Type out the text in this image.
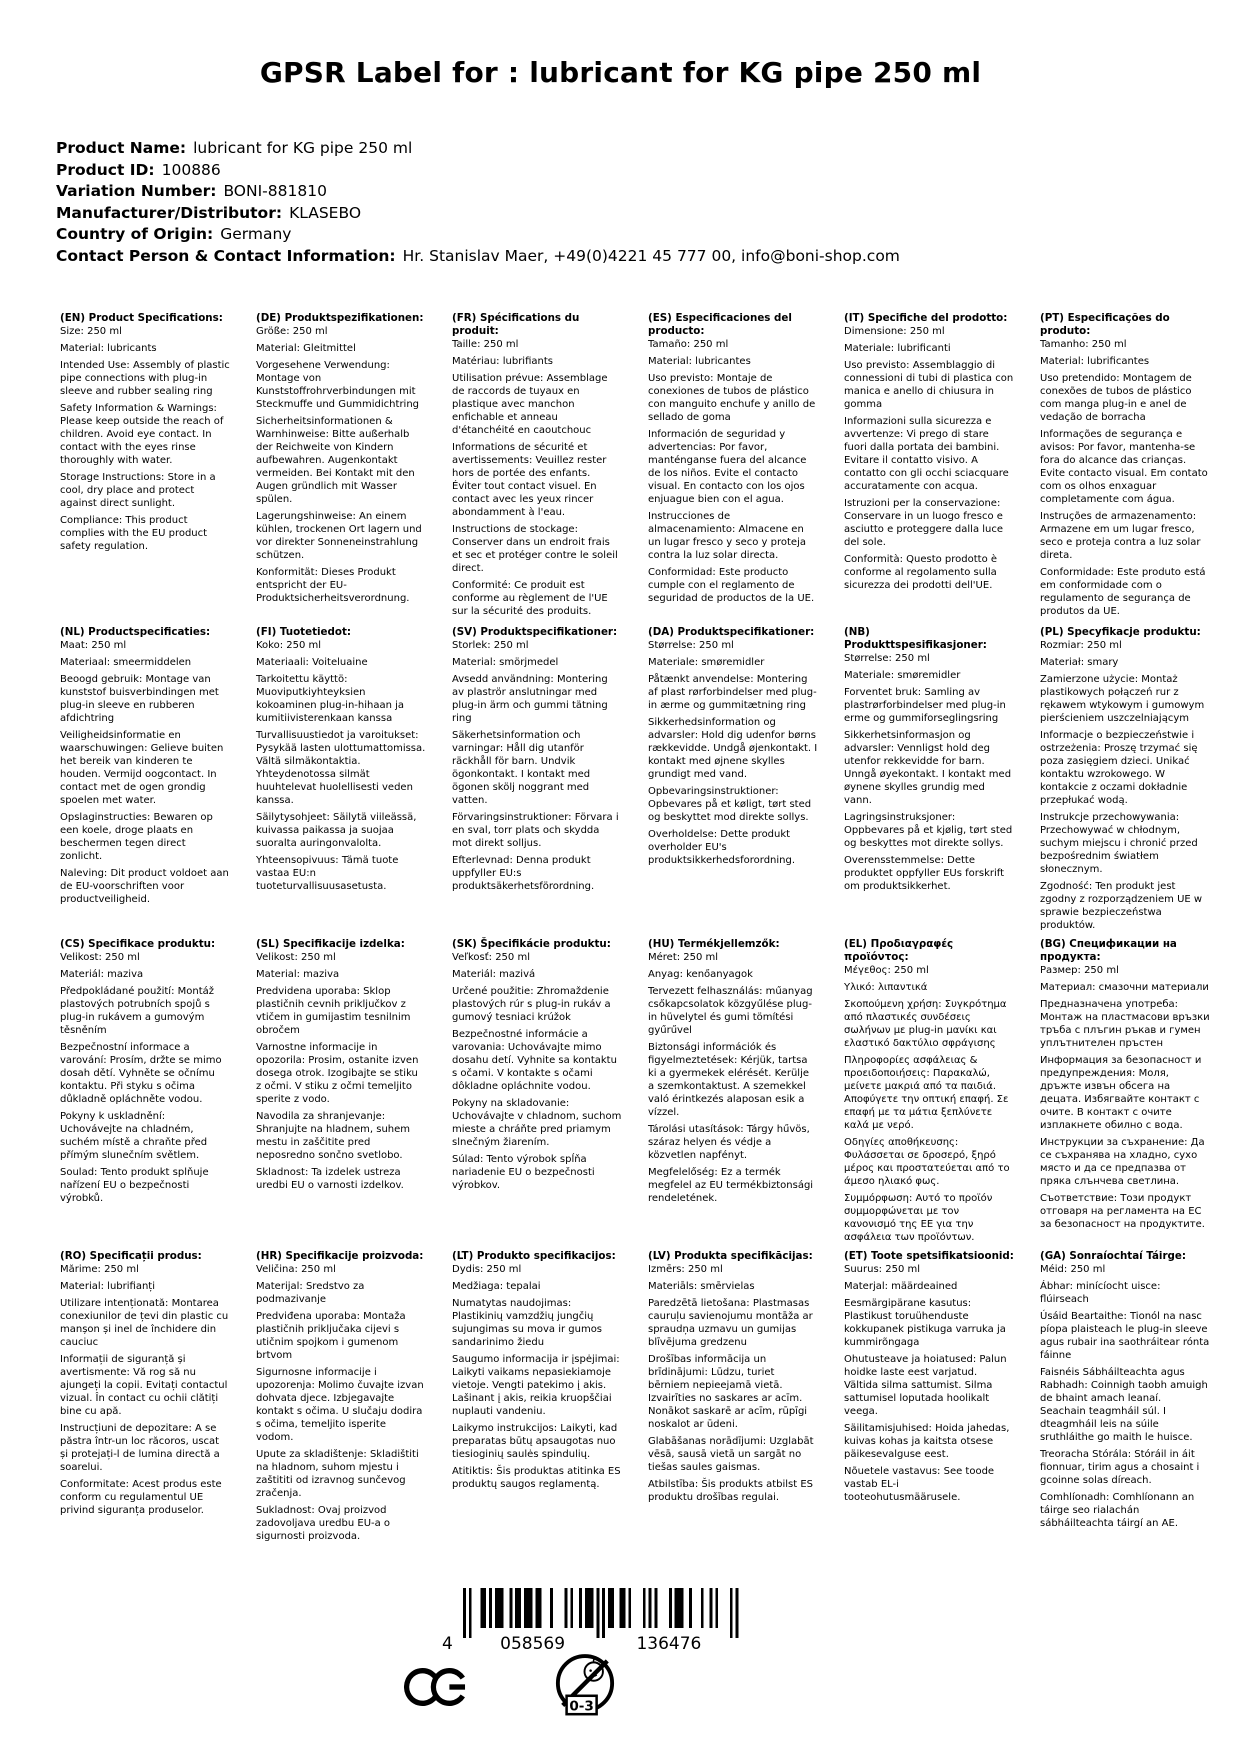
GPSR Label for : lubricant for KG pipe 250 ml
Product Name: lubricant for KG pipe 250 ml
Product ID: 100886
Variation Number: BONI-881810
Manufacturer/Distributor: KLASEBO
Country of Origin: Germany
Contact Person & Contact Information: Hr. Stanislav Maer, +49(0)4221 45 777 00, info@boni-shop.com
(EN) Product Specifications:

Size: 250 ml

Material: lubricants

Intended Use: Assembly of plastic pipe connections with plug-in sleeve and rubber sealing ring

Safety Information & Warnings: Please keep outside the reach of children. Avoid eye contact. In contact with the eyes rinse thoroughly with water.

Storage Instructions: Store in a cool, dry place and protect against direct sunlight.

Compliance: This product complies with the EU product safety regulation.

(DE) Produktspezifikationen:

Größe: 250 ml

Material: Gleitmittel

Vorgesehene Verwendung: Montage von Kunststoffrohrverbindungen mit Steckmuffe und Gummidichtring

Sicherheitsinformationen & Warnhinweise: Bitte außerhalb der Reichweite von Kindern aufbewahren. Augenkontakt vermeiden. Bei Kontakt mit den Augen gründlich mit Wasser spülen.

Lagerungshinweise: An einem kühlen, trockenen Ort lagern und vor direkter Sonneneinstrahlung schützen.

Konformität: Dieses Produkt entspricht der EU-Produktsicherheitsverordnung.

(FR) Spécifications du produit:

Taille: 250 ml

Matériau: lubrifiants

Utilisation prévue: Assemblage de raccords de tuyaux en plastique avec manchon enfichable et anneau d'étanchéité en caoutchouc

Informations de sécurité et avertissements: Veuillez rester hors de portée des enfants. Éviter tout contact visuel. En contact avec les yeux rincer abondamment à l'eau.

Instructions de stockage: Conserver dans un endroit frais et sec et protéger contre le soleil direct.

Conformité: Ce produit est conforme au règlement de l'UE sur la sécurité des produits.

(ES) Especificaciones del producto:

Tamaño: 250 ml

Material: lubricantes

Uso previsto: Montaje de conexiones de tubos de plástico con manguito enchufe y anillo de sellado de goma

Información de seguridad y advertencias: Por favor, manténganse fuera del alcance de los niños. Evite el contacto visual. En contacto con los ojos enjuague bien con el agua.

Instrucciones de almacenamiento: Almacene en un lugar fresco y seco y proteja contra la luz solar directa.

Conformidad: Este producto cumple con el reglamento de seguridad de productos de la UE.

(IT) Specifiche del prodotto:

Dimensione: 250 ml

Materiale: lubrificanti

Uso previsto: Assemblaggio di connessioni di tubi di plastica con manica e anello di chiusura in gomma

Informazioni sulla sicurezza e avvertenze: Vi prego di stare fuori dalla portata dei bambini. Evitare il contatto visivo. A contatto con gli occhi sciacquare accuratamente con acqua.

Istruzioni per la conservazione: Conservare in un luogo fresco e asciutto e proteggere dalla luce del sole.

Conformità: Questo prodotto è conforme al regolamento sulla sicurezza dei prodotti dell'UE.

(PT) Especificações do produto:

Tamanho: 250 ml

Material: lubrificantes

Uso pretendido: Montagem de conexões de tubos de plástico com manga plug-in e anel de vedação de borracha

Informações de segurança e avisos: Por favor, mantenha-se fora do alcance das crianças. Evite contacto visual. Em contato com os olhos enxaguar completamente com água.

Instruções de armazenamento: Armazene em um lugar fresco, seco e proteja contra a luz solar direta.

Conformidade: Este produto está em conformidade com o regulamento de segurança de produtos da UE.

(NL) Productspecificaties:

Maat: 250 ml

Materiaal: smeermiddelen

Beoogd gebruik: Montage van kunststof buisverbindingen met plug-in sleeve en rubberen afdichtring

Veiligheidsinformatie en waarschuwingen: Gelieve buiten het bereik van kinderen te houden. Vermijd oogcontact. In contact met de ogen grondig spoelen met water.

Opslaginstructies: Bewaren op een koele, droge plaats en beschermen tegen direct zonlicht.

Naleving: Dit product voldoet aan de EU-voorschriften voor productveiligheid.

(FI) Tuotetiedot:

Koko: 250 ml

Materiaali: Voiteluaine

Tarkoitettu käyttö: Muoviputkiyhteyksien kokoaminen plug-in-hihaan ja kumitiivisterenkaan kanssa

Turvallisuustiedot ja varoitukset: Pysykää lasten ulottumattomissa. Vältä silmäkontaktia. Yhteydenotossa silmät huuhtelevat huolellisesti veden kanssa.

Säilytysohjeet: Säilytä viileässä, kuivassa paikassa ja suojaa suoralta auringonvalolta.

Yhteensopivuus: Tämä tuote vastaa EU:n tuoteturvallisuusasetusta.

(SV) Produktspecifikationer:

Storlek: 250 ml

Material: smörjmedel

Avsedd användning: Montering av plaströr anslutningar med plug-in ärm och gummi tätning ring

Säkerhetsinformation och varningar: Håll dig utanför räckhåll för barn. Undvik ögonkontakt. I kontakt med ögonen skölj noggrant med vatten.

Förvaringsinstruktioner: Förvara i en sval, torr plats och skydda mot direkt solljus.

Efterlevnad: Denna produkt uppfyller EU:s produktsäkerhetsförordning.

(DA) Produktspecifikationer:

Størrelse: 250 ml

Materiale: smøremidler

Påtænkt anvendelse: Montering af plast rørforbindelser med plug-in ærme og gummitætning ring

Sikkerhedsinformation og advarsler: Hold dig udenfor børns rækkevidde. Undgå øjenkontakt. I kontakt med øjnene skylles grundigt med vand.

Opbevaringsinstruktioner: Opbevares på et køligt, tørt sted og beskyttet mod direkte sollys.

Overholdelse: Dette produkt overholder EU's produktsikkerhedsforordning.

(NB) Produkttspesifikasjoner:

Størrelse: 250 ml

Materiale: smøremidler

Forventet bruk: Samling av plastrørforbindelser med plug-in erme og gummiforseglingsring

Sikkerhetsinformasjon og advarsler: Vennligst hold deg utenfor rekkevidde for barn. Unngå øyekontakt. I kontakt med øynene skylles grundig med vann.

Lagringsinstruksjoner: Oppbevares på et kjølig, tørt sted og beskyttes mot direkte sollys.

Overensstemmelse: Dette produktet oppfyller EUs forskrift om produktsikkerhet.

(PL) Specyfikacje produktu:

Rozmiar: 250 ml

Materiał: smary

Zamierzone użycie: Montaż plastikowych połączeń rur z rękawem wtykowym i gumowym pierścieniem uszczelniającym

Informacje o bezpieczeństwie i ostrzeżenia: Proszę trzymać się poza zasięgiem dzieci. Unikać kontaktu wzrokowego. W kontakcie z oczami dokładnie przepłukać wodą.

Instrukcje przechowywania: Przechowywać w chłodnym, suchym miejscu i chronić przed bezpośrednim światłem słonecznym.

Zgodność: Ten produkt jest zgodny z rozporządzeniem UE w sprawie bezpieczeństwa produktów.

(CS) Specifikace produktu:

Velikost: 250 ml

Materiál: maziva

Předpokládané použití: Montáž plastových potrubních spojů s plug-in rukávem a gumovým těsněním

Bezpečnostní informace a varování: Prosím, držte se mimo dosah dětí. Vyhněte se očnímu kontaktu. Při styku s očima důkladně opláchněte vodou.

Pokyny k uskladnění: Uchovávejte na chladném, suchém místě a chraňte před přímým slunečním světlem.

Soulad: Tento produkt splňuje nařízení EU o bezpečnosti výrobků.

(SL) Specifikacije izdelka:

Velikost: 250 ml

Material: maziva

Predvidena uporaba: Sklop plastičnih cevnih priključkov z vtičem in gumijastim tesnilnim obročem

Varnostne informacije in opozorila: Prosim, ostanite izven dosega otrok. Izogibajte se stiku z očmi. V stiku z očmi temeljito sperite z vodo.

Navodila za shranjevanje: Shranjujte na hladnem, suhem mestu in zaščitite pred neposredno sončno svetlobo.

Skladnost: Ta izdelek ustreza uredbi EU o varnosti izdelkov.

(SK) Špecifikácie produktu:

Veľkosť: 250 ml

Materiál: mazivá

Určené použitie: Zhromaždenie plastových rúr s plug-in rukáv a gumový tesniaci krúžok

Bezpečnostné informácie a varovania: Uchovávajte mimo dosahu detí. Vyhnite sa kontaktu s očami. V kontakte s očami dôkladne opláchnite vodou.

Pokyny na skladovanie: Uchovávajte v chladnom, suchom mieste a chráňte pred priamym slnečným žiarením.

Súlad: Tento výrobok spĺňa nariadenie EU o bezpečnosti výrobkov.

(HU) Termékjellemzők:

Méret: 250 ml

Anyag: kenőanyagok

Tervezett felhasználás: műanyag csőkapcsolatok közgyűlése plug-in hüvelytel és gumi tömítési gyűrűvel

Biztonsági információk és figyelmeztetések: Kérjük, tartsa ki a gyermekek elérését. Kerülje a szemkontaktust. A szemekkel való érintkezés alaposan esik a vízzel.

Tárolási utasítások: Tárgy hűvös, száraz helyen és védje a közvetlen napfényt.

Megfelelőség: Ez a termék megfelel az EU termékbiztonsági rendeletének.

(EL) Προδιαγραφές προϊόντος:

Μέγεθος: 250 ml

Υλικό: λιπαντικά

Σκοπούμενη χρήση: Συγκρότημα από πλαστικές συνδέσεις σωλήνων με plug-in μανίκι και ελαστικό δακτύλιο σφράγισης

Πληροφορίες ασφάλειας & προειδοποιήσεις: Παρακαλώ, μείνετε μακριά από τα παιδιά. Αποφύγετε την οπτική επαφή. Σε επαφή με τα μάτια ξεπλύνετε καλά με νερό.

Οδηγίες αποθήκευσης: Φυλάσσεται σε δροσερό, ξηρό μέρος και προστατεύεται από το άμεσο ηλιακό φως.

Συμμόρφωση: Αυτό το προϊόν συμμορφώνεται με τον κανονισμό της ΕΕ για την ασφάλεια των προϊόντων.

(BG) Спецификации на продукта:

Размер: 250 ml

Материал: смазочни материали

Предназначена употреба: Монтаж на пластмасови връзки тръба с плъгин ръкав и гумен уплътнителен пръстен

Информация за безопасност и предупреждения: Моля, дръжте извън обсега на децата. Избягвайте контакт с очите. В контакт с очите изплакнете обилно с вода.

Инструкции за съхранение: Да се съхранява на хладно, сухо място и да се предпазва от пряка слънчева светлина.

Съответствие: Този продукт отговаря на регламента на ЕС за безопасност на продуктите.

(RO) Specificații produs:

Mărime: 250 ml

Material: lubrifianți

Utilizare intenționată: Montarea conexiunilor de țevi din plastic cu manșon și inel de închidere din cauciuc

Informații de siguranță și avertismente: Vă rog să nu ajungeți la copii. Evitați contactul vizual. În contact cu ochii clătiți bine cu apă.

Instrucțiuni de depozitare: A se păstra într-un loc răcoros, uscat și protejați-l de lumina directă a soarelui.

Conformitate: Acest produs este conform cu regulamentul UE privind siguranța produselor.

(HR) Specifikacije proizvoda:

Veličina: 250 ml

Materijal: Sredstvo za podmazivanje

Predviđena uporaba: Montaža plastičnih priključaka cijevi s utičnim spojkom i gumenom brtvom

Sigurnosne informacije i upozorenja: Molimo čuvajte izvan dohvata djece. Izbjegavajte kontakt s očima. U slučaju dodira s očima, temeljito isperite vodom.

Upute za skladištenje: Skladištiti na hladnom, suhom mjestu i zaštititi od izravnog sunčevog zračenja.

Sukladnost: Ovaj proizvod zadovoljava uredbu EU-a o sigurnosti proizvoda.

(LT) Produkto specifikacijos:

Dydis: 250 ml

Medžiaga: tepalai

Numatytas naudojimas: Plastikinių vamzdžių jungčių sujungimas su mova ir gumos sandarinimo žiedu

Saugumo informacija ir įspėjimai: Laikyti vaikams nepasiekiamoje vietoje. Vengti patekimo į akis. Lašinant į akis, reikia kruopščiai nuplauti vandeniu.

Laikymo instrukcijos: Laikyti, kad preparatas būtų apsaugotas nuo tiesioginių saulės spindulių.

Atitiktis: Šis produktas atitinka ES produktų saugos reglamentą.

(LV) Produkta specifikācijas:

Izmērs: 250 ml

Materiāls: smērvielas

Paredzētā lietošana: Plastmasas cauruļu savienojumu montāža ar spraudņa uzmavu un gumijas blīvējuma gredzenu

Drošības informācija un brīdinājumi: Lūdzu, turiet bērniem nepieejamā vietā. Izvairīties no saskares ar acīm. Nonākot saskarē ar acīm, rūpīgi noskalot ar ūdeni.

Glabāšanas norādījumi: Uzglabāt vēsā, sausā vietā un sargāt no tiešas saules gaismas.

Atbilstība: Šis produkts atbilst ES produktu drošības regulai.

(ET) Toote spetsifikatsioonid:

Suurus: 250 ml

Materjal: määrdeained

Eesmärgipärane kasutus: Plastikust toruühenduste kokkupanek pistikuga varruka ja kummirõngaga

Ohutusteave ja hoiatused: Palun hoidke laste eest varjatud. Vältida silma sattumist. Silma sattumisel loputada hoolikalt veega.

Säilitamisjuhised: Hoida jahedas, kuivas kohas ja kaitsta otsese päikesevalguse eest.

Nõuetele vastavus: See toode vastab EL-i tooteohutusmäärusele.

(GA) Sonraíochtaí Táirge:

Méid: 250 ml

Ábhar: minícíocht uisce: flúirseach

Úsáid Beartaithe: Tionól na nasc píopa plaisteach le plug-in sleeve agus rubair ina saothráitear rónta fáinne

Faisnéis Sábháilteachta agus Rabhadh: Coinnigh taobh amuigh de bhaint amach leanaí. Seachain teagmháil súl. I dteagmháil leis na súile sruthláithe go maith le huisce.

Treoracha Stórála: Stóráil in áit fionnuar, tirim agus a chosaint i gcoinne solas díreach.

Comhlíonadh: Comhlíonann an táirge seo rialachán sábháilteachta táirgí an AE.

4	058569	136476
0-3
